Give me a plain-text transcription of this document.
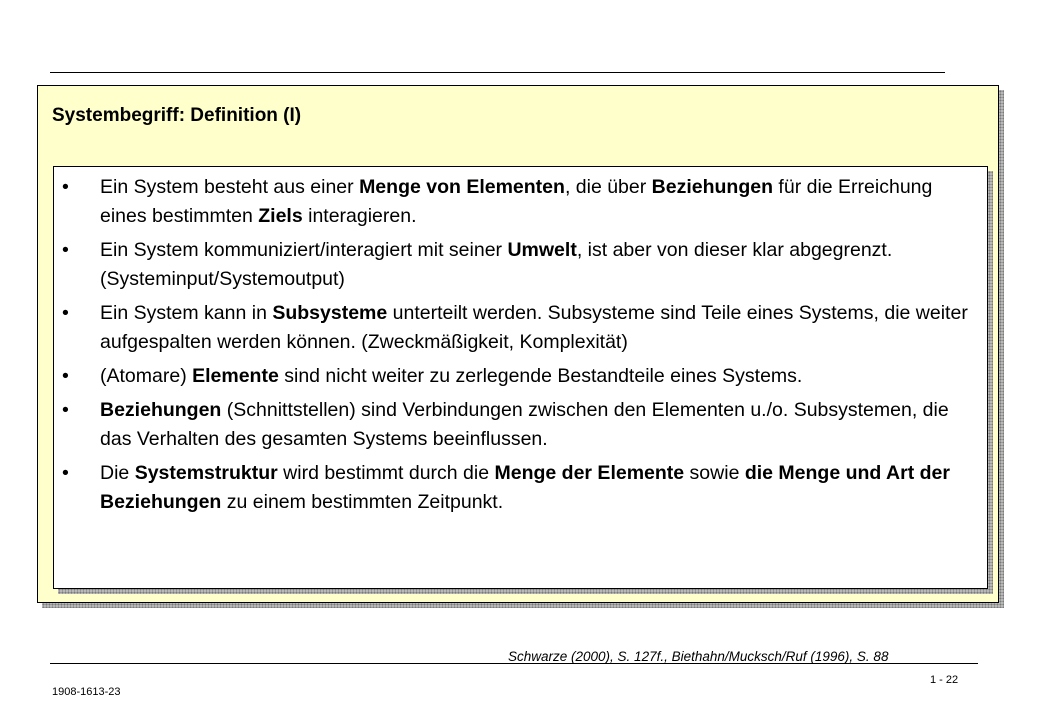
Systembegriff: Definition (I)
• Ein System besteht aus einer Menge von Elementen, die über Beziehungen für die Erreichung eines bestimmten Ziels interagieren.
• Ein System kommuniziert/interagiert mit seiner Umwelt, ist aber von dieser klar abgegrenzt. (Systeminput/Systemoutput)
• Ein System kann in Subsysteme unterteilt werden. Subsysteme sind Teile eines Systems, die weiter aufgespalten werden können. (Zweckmäßigkeit, Komplexität)
• (Atomare) Elemente sind nicht weiter zu zerlegende Bestandteile eines Systems.
• Beziehungen (Schnittstellen) sind Verbindungen zwischen den Elementen u./o. Subsystemen, die das Verhalten des gesamten Systems beeinflussen.
• Die Systemstruktur wird bestimmt durch die Menge der Elemente sowie die Menge und Art der Beziehungen zu einem bestimmten Zeitpunkt.
Schwarze (2000), S. 127f., Biethahn/Mucksch/Ruf (1996), S. 88
1908-1613-23
1 - 22
